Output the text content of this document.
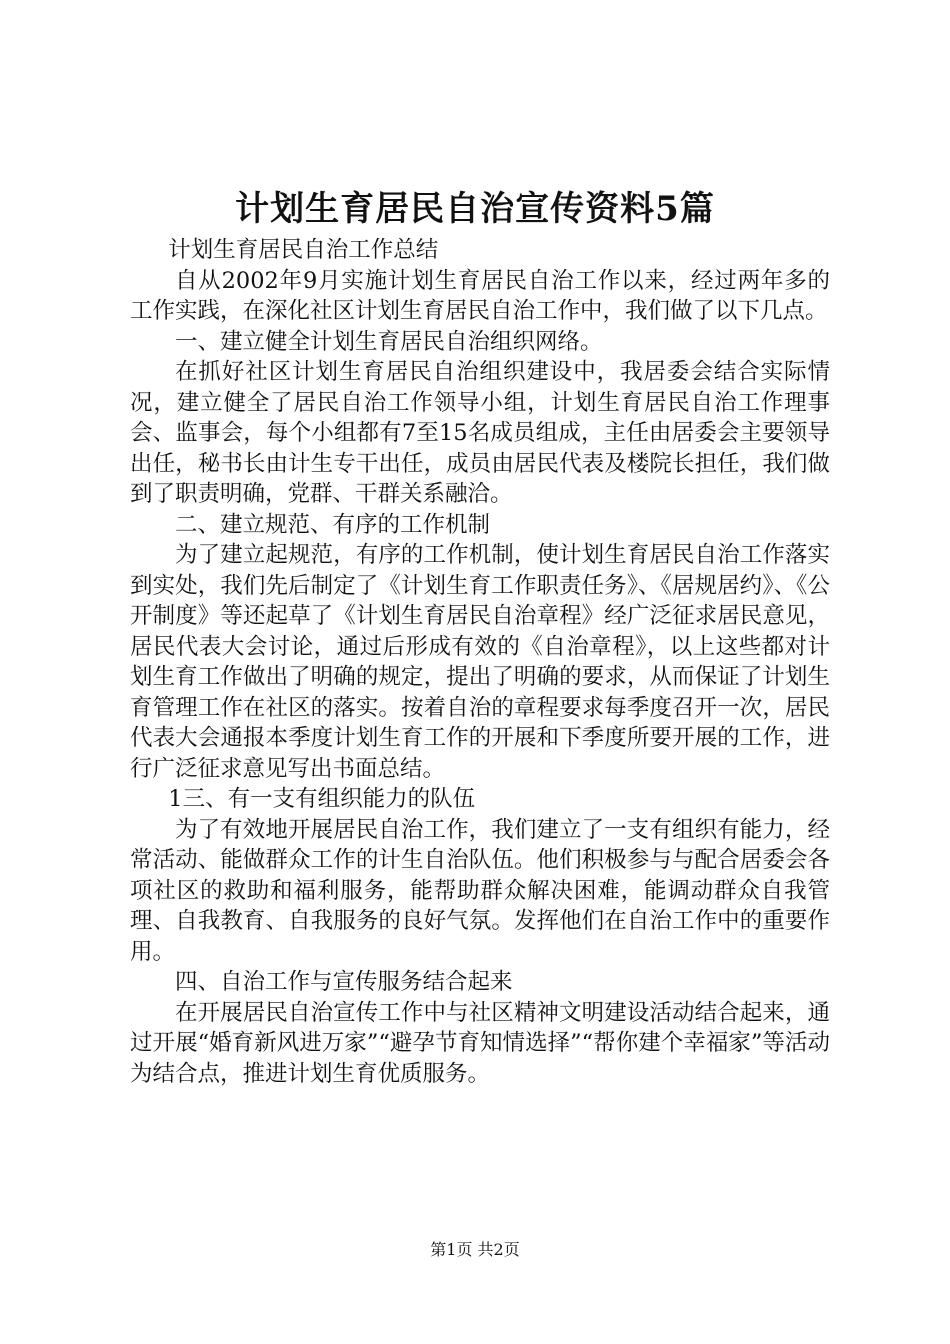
计划生育居民自治宣传资料5篇

计划生育居民自治工作总结

自从2002年9月实施计划生育居民自治工作以来，经过两年多的工作实践，在深化社区计划生育居民自治工作中，我们做了以下几点。

一、建立健全计划生育居民自治组织网络。

在抓好社区计划生育居民自治组织建设中，我居委会结合实际情况，建立健全了居民自治工作领导小组，计划生育居民自治工作理事会、监事会，每个小组都有7至15名成员组成，主任由居委会主要领导出任，秘书长由计生专干出任，成员由居民代表及楼院长担任，我们做到了职责明确，党群、干群关系融洽。

二、建立规范、有序的工作机制

为了建立起规范，有序的工作机制，使计划生育居民自治工作落实到实处，我们先后制定了《计划生育工作职责任务》、《居规居约》、《公开制度》等还起草了《计划生育居民自治章程》经广泛征求居民意见，居民代表大会讨论，通过后形成有效的《自治章程》，以上这些都对计划生育工作做出了明确的规定，提出了明确的要求，从而保证了计划生育管理工作在社区的落实。按着自治的章程要求每季度召开一次，居民代表大会通报本季度计划生育工作的开展和下季度所要开展的工作，进行广泛征求意见写出书面总结。

1三、有一支有组织能力的队伍

为了有效地开展居民自治工作，我们建立了一支有组织有能力，经常活动、能做群众工作的计生自治队伍。他们积极参与与配合居委会各项社区的救助和福利服务，能帮助群众解决困难，能调动群众自我管理、自我教育、自我服务的良好气氛。发挥他们在自治工作中的重要作用。

四、自治工作与宣传服务结合起来

在开展居民自治宣传工作中与社区精神文明建设活动结合起来，通过开展“婚育新风进万家”“避孕节育知情选择”“帮你建个幸福家”等活动为结合点，推进计划生育优质服务。

第1页 共2页
